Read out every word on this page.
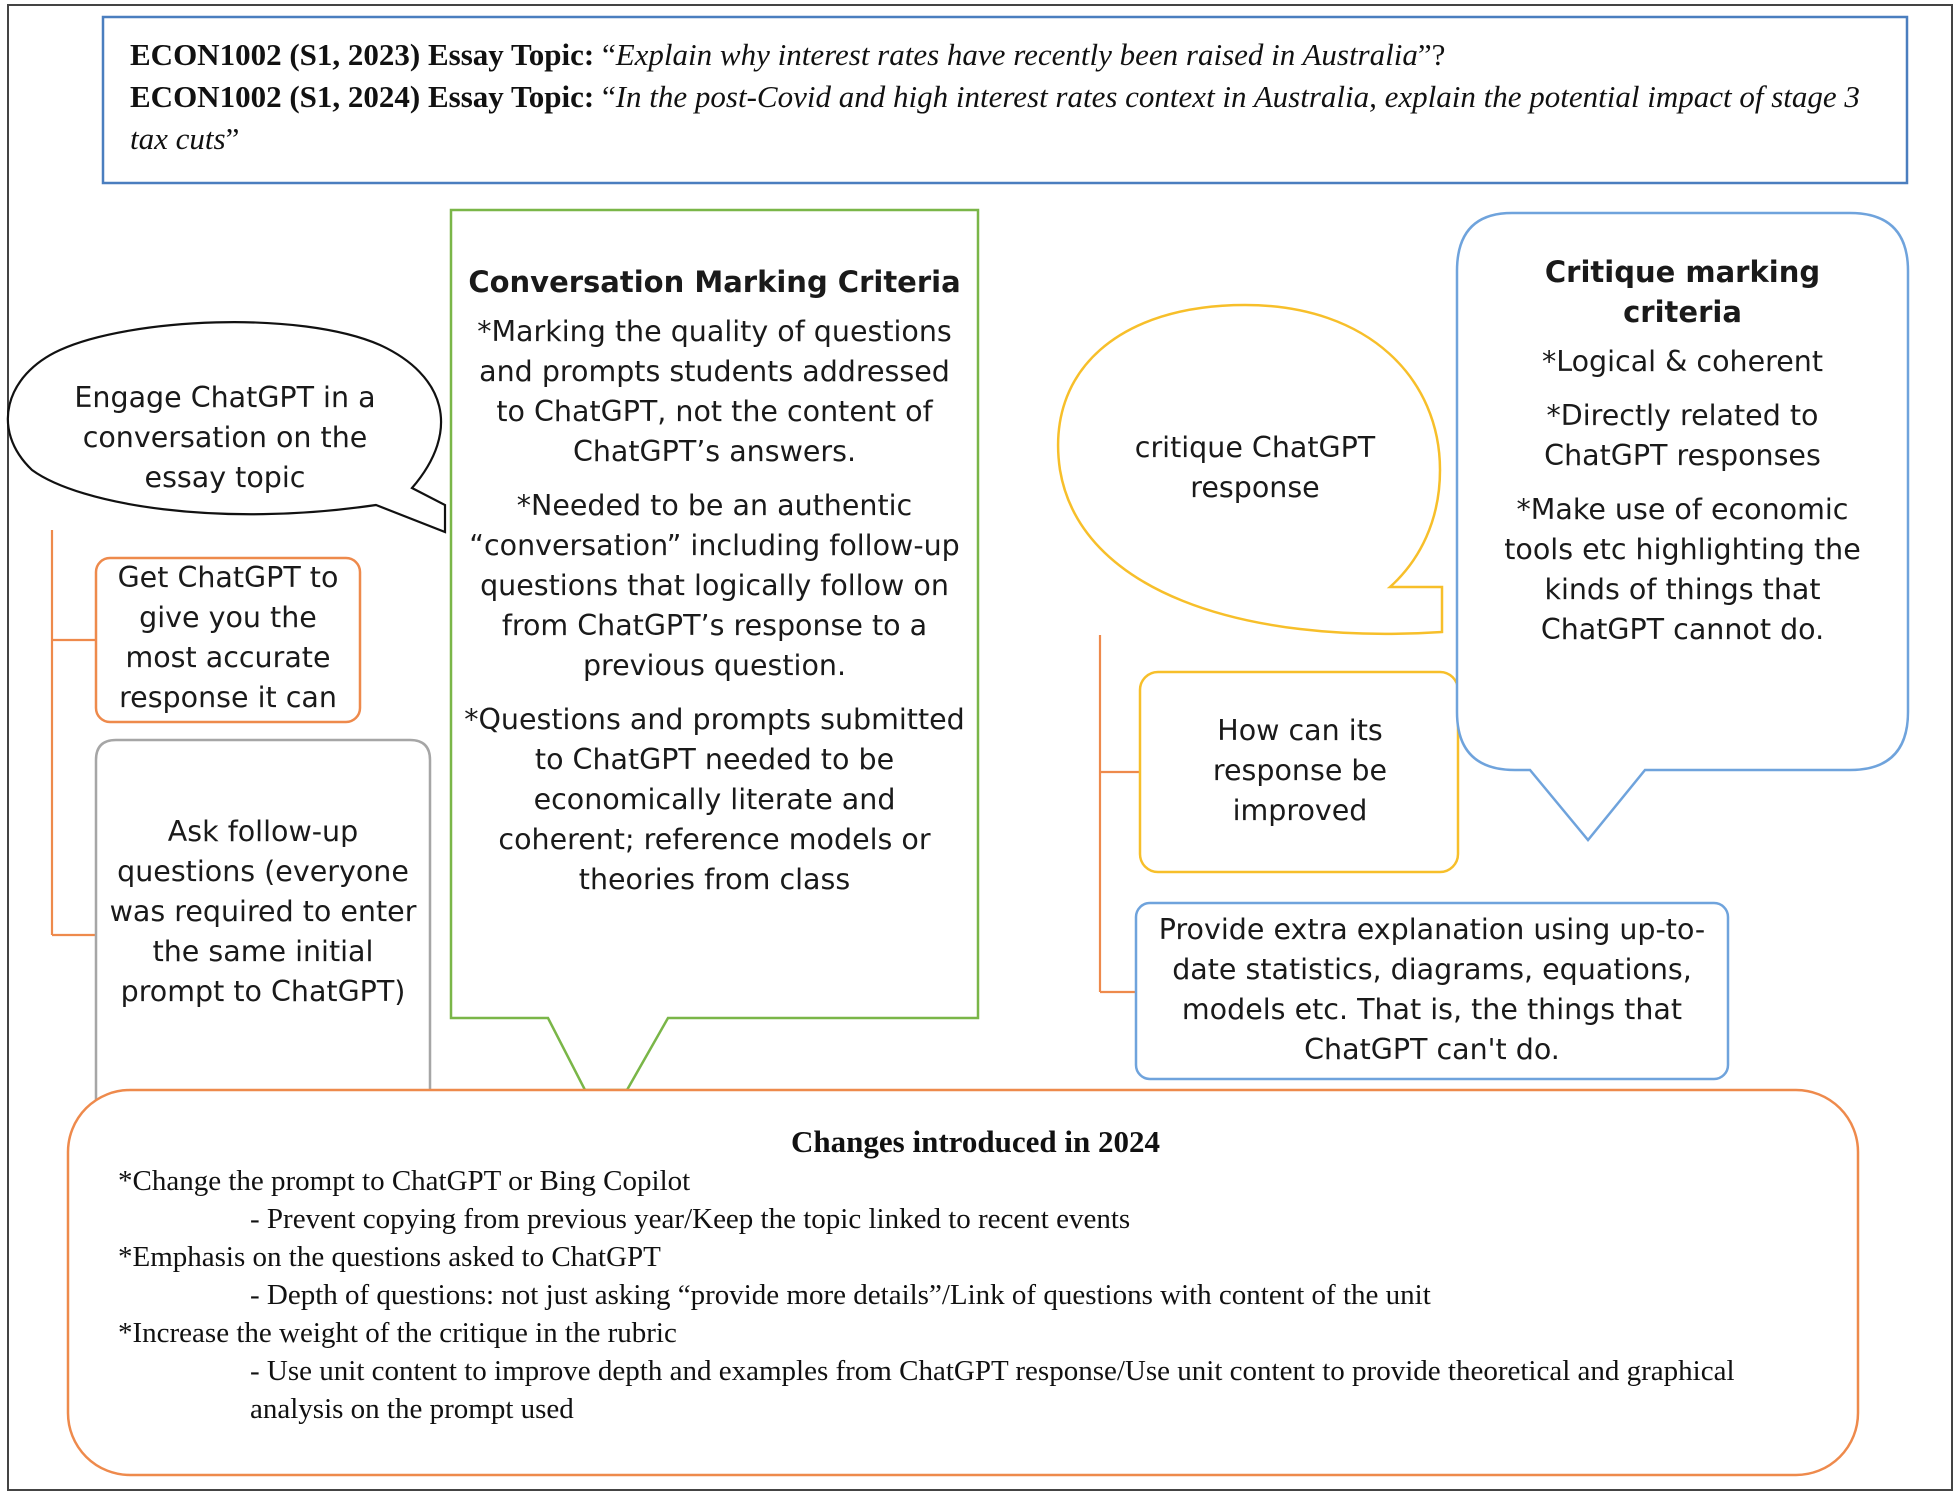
ECON1002 (S1, 2023) Essay Topic: “Explain why interest rates have recently been raised in Australia”?

ECON1002 (S1, 2024) Essay Topic: “In the post-Covid and high interest rates context in Australia, explain the potential impact of stage 3 tax cuts”

Engage ChatGPT in a conversation on the essay topic
Get ChatGPT to give you the most accurate response it can
Ask follow-up questions (everyone was required to enter the same initial prompt to ChatGPT)

Conversation Marking Criteria

*Marking the quality of questions and prompts students addressed to ChatGPT, not the content of ChatGPT’s answers.

*Needed to be an authentic “conversation” including follow-up questions that logically follow on from ChatGPT’s response to a previous question.

*Questions and prompts submitted to ChatGPT needed to be economically literate and coherent; reference models or theories from class

critique ChatGPT response
How can its response be improved

Critique marking criteria

*Logical & coherent

*Directly related to ChatGPT responses

*Make use of economic tools etc highlighting the kinds of things that ChatGPT cannot do.

Provide extra explanation using up-to-date statistics, diagrams, equations, models etc. That is, the things that ChatGPT can't do.

Changes introduced in 2024

*Change the prompt to ChatGPT or Bing Copilot

- Prevent copying from previous year/Keep the topic linked to recent events

*Emphasis on the questions asked to ChatGPT

- Depth of questions: not just asking “provide more details”/Link of questions with content of the unit

*Increase the weight of the critique in the rubric

- Use unit content to improve depth and examples from ChatGPT response/Use unit content to provide theoretical and graphical analysis on the prompt used
